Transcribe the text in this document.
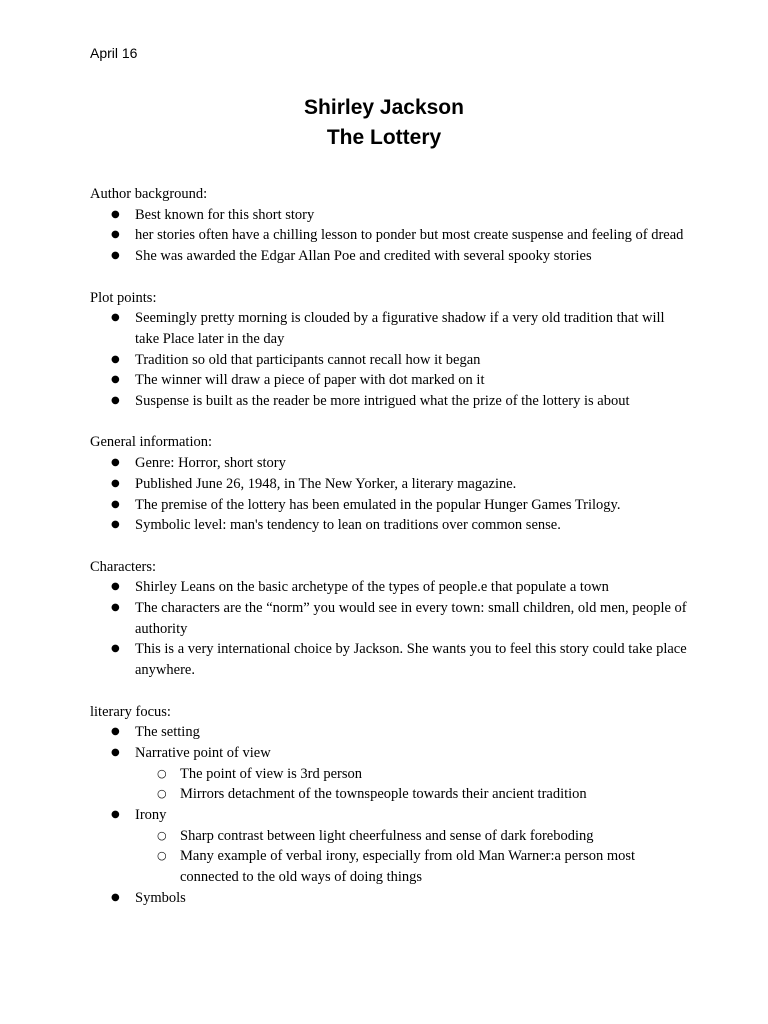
April 16
Shirley Jackson
The Lottery
Author background:
● Best known for this short story
● her stories often have a chilling lesson to ponder but most create suspense and feeling of dread
● She was awarded the Edgar Allan Poe and credited with several spooky stories
Plot points:
● Seemingly pretty morning is clouded by a figurative shadow if a very old tradition that will take Place later in the day
● Tradition so old that participants cannot recall how it began
● The winner will draw a piece of paper with dot marked on it
● Suspense is built as the reader be more intrigued what the prize of the lottery is about
General information:
● Genre: Horror, short story
● Published June 26, 1948, in The New Yorker, a literary magazine.
● The premise of the lottery has been emulated in the popular Hunger Games Trilogy.
● Symbolic level: man's tendency to lean on traditions over common sense.
Characters:
● Shirley Leans on the basic archetype of the types of people.e that populate a town
● The characters are the “norm” you would see in every town: small children, old men, people of authority
● This is a very international choice by Jackson. She wants you to feel this story could take place anywhere.
literary focus:
● The setting
● Narrative point of view
○ The point of view is 3rd person
○ Mirrors detachment of the townspeople towards their ancient tradition
● Irony
○ Sharp contrast between light cheerfulness and sense of dark foreboding
○ Many example of verbal irony, especially from old Man Warner:a person most connected to the old ways of doing things
● Symbols
